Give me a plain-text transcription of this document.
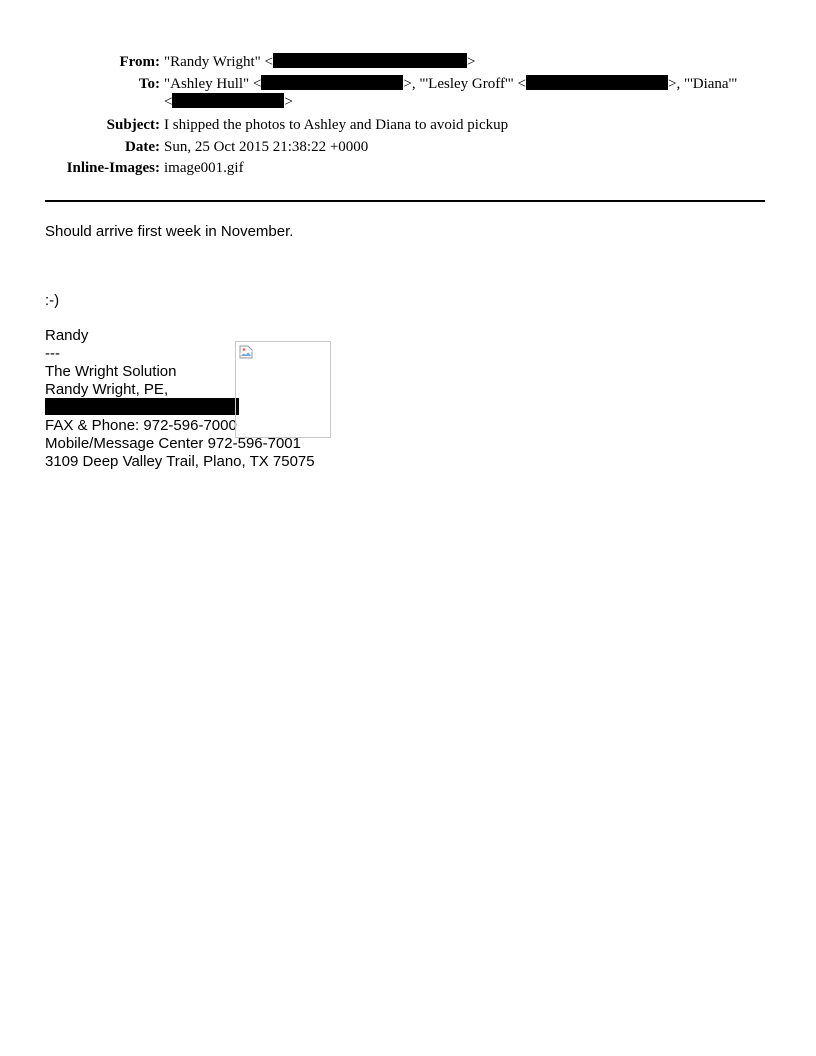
From: "Randy Wright" <	>
To: "Ashley Hull" <	>, "'Lesley Groff'" <	>, "'Diana'"
<	>
Subject: I shipped the photos to Ashley and Diana to avoid pickup
Date: Sun, 25 Oct 2015 21:38:22 +0000
Inline-Images: image001.gif
Should arrive first week in November.
:-)
Randy
---
The Wright Solution
Randy Wright, PE,
FAX & Phone: 972-596-7000
Mobile/Message Center 972-596-7001
3109 Deep Valley Trail, Plano, TX 75075
